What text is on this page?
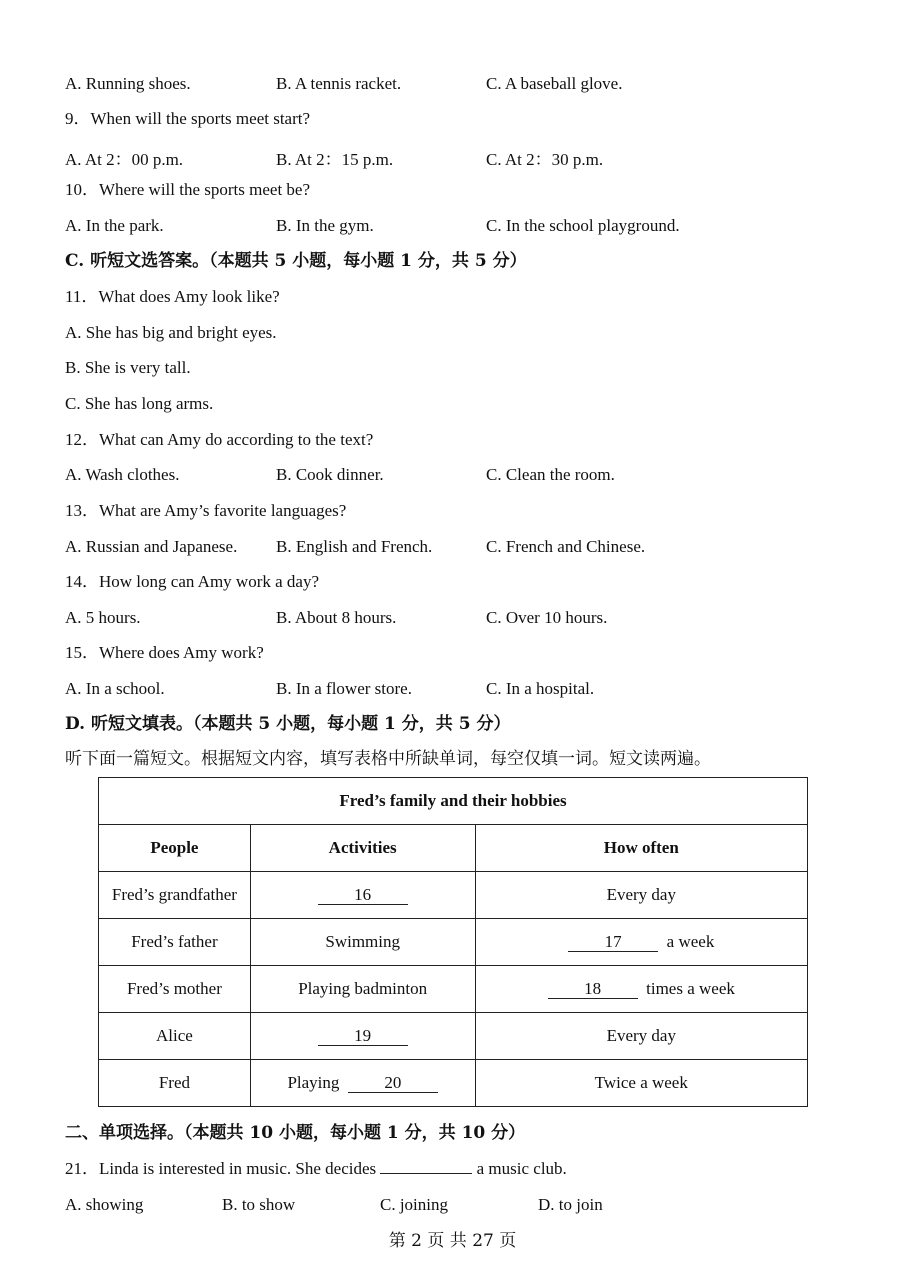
A. Running shoes.	B. A tennis racket.	C. A baseball glove.
9．When will the sports meet start?
A. At 2：00 p.m.	B. At 2：15 p.m.	C. At 2：30 p.m.
10．Where will the sports meet be?
A. In the park.	B. In the gym.	C. In the school playground.
C. 听短文选答案。（本题共 5 小题，每小题 1 分，共 5 分）
11．What does Amy look like?
A. She has big and bright eyes.
B. She is very tall.
C. She has long arms.
12．What can Amy do according to the text?
A. Wash clothes.	B. Cook dinner.	C. Clean the room.
13．What are Amy’s favorite languages?
A. Russian and Japanese. B. English and French.	C. French and Chinese.
14．How long can Amy work a day?
A. 5 hours.	B. About 8 hours.	C. Over 10 hours.
15．Where does Amy work?
A. In a school.	B. In a flower store.	C. In a hospital.
D. 听短文填表。（本题共 5 小题，每小题 1 分，共 5 分）
听下面一篇短文。根据短文内容，填写表格中所缺单词，每空仅填一词。短文读两遍。
Fred’s family and their hobbies		
People	Activities	How often
Fred’s grandfather	16	Every day
Fred’s father	Swimming	17 a week
Fred’s mother	Playing badminton	18 times a week
Alice	19	Every day
Fred	Playing 20	Twice a week
二、单项选择。（本题共 10 小题，每小题 1 分，共 10 分）
21．Linda is interested in music. She decides	a music club.
A. showing	B. to show	C. joining	D. to join
第 2 页 共 27 页
